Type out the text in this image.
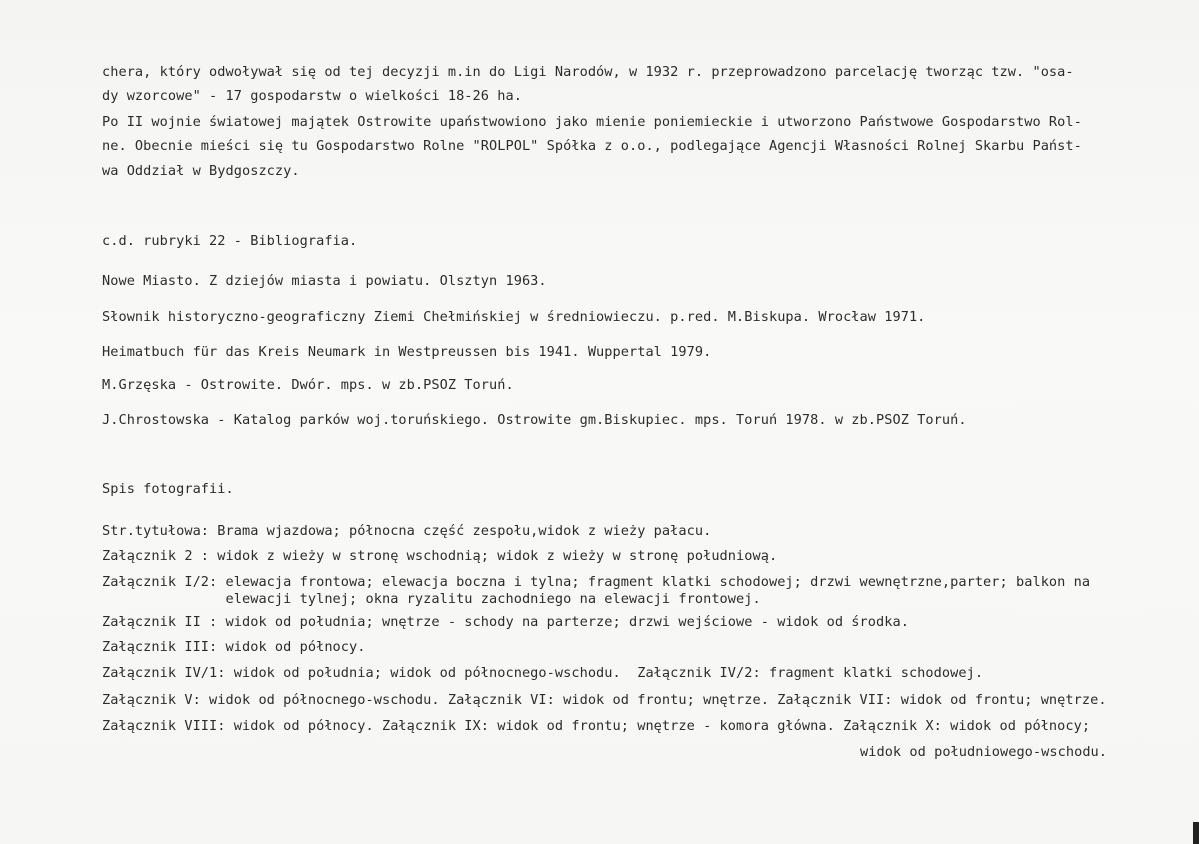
chera, który odwoływał się od tej decyzji m.in do Ligi Narodów, w 1932 r. przeprowadzono parcelację tworząc tzw. "osa-
dy wzorcowe" - 17 gospodarstw o wielkości 18-26 ha.
Po II wojnie światowej majątek Ostrowite upaństwowiono jako mienie poniemieckie i utworzono Państwowe Gospodarstwo Rol-
ne. Obecnie mieści się tu Gospodarstwo Rolne "ROLPOL" Spółka z o.o., podlegające Agencji Własności Rolnej Skarbu Państ-
wa Oddział w Bydgoszczy.
c.d. rubryki 22 - Bibliografia.
Nowe Miasto. Z dziejów miasta i powiatu. Olsztyn 1963.
Słownik historyczno-geograficzny Ziemi Chełmińskiej w średniowieczu. p.red. M.Biskupa. Wrocław 1971.
Heimatbuch für das Kreis Neumark in Westpreussen bis 1941. Wuppertal 1979.
M.Grzęska - Ostrowite. Dwór. mps. w zb.PSOZ Toruń.
J.Chrostowska - Katalog parków woj.toruńskiego. Ostrowite gm.Biskupiec. mps. Toruń 1978. w zb.PSOZ Toruń.
Spis fotografii.
Str.tytułowa: Brama wjazdowa; północna część zespołu,widok z wieży pałacu.
Załącznik 2 : widok z wieży w stronę wschodnią; widok z wieży w stronę południową.
Załącznik I/2: elewacja frontowa; elewacja boczna i tylna; fragment klatki schodowej; drzwi wewnętrzne,parter; balkon na
elewacji tylnej; okna ryzalitu zachodniego na elewacji frontowej.
Załącznik II : widok od południa; wnętrze - schody na parterze; drzwi wejściowe - widok od środka.
Załącznik III: widok od północy.
Załącznik IV/1: widok od południa; widok od północnego-wschodu.  Załącznik IV/2: fragment klatki schodowej.
Załącznik V: widok od północnego-wschodu. Załącznik VI: widok od frontu; wnętrze. Załącznik VII: widok od frontu; wnętrze.
Załącznik VIII: widok od północy. Załącznik IX: widok od frontu; wnętrze - komora główna. Załącznik X: widok od północy;
widok od południowego-wschodu.
